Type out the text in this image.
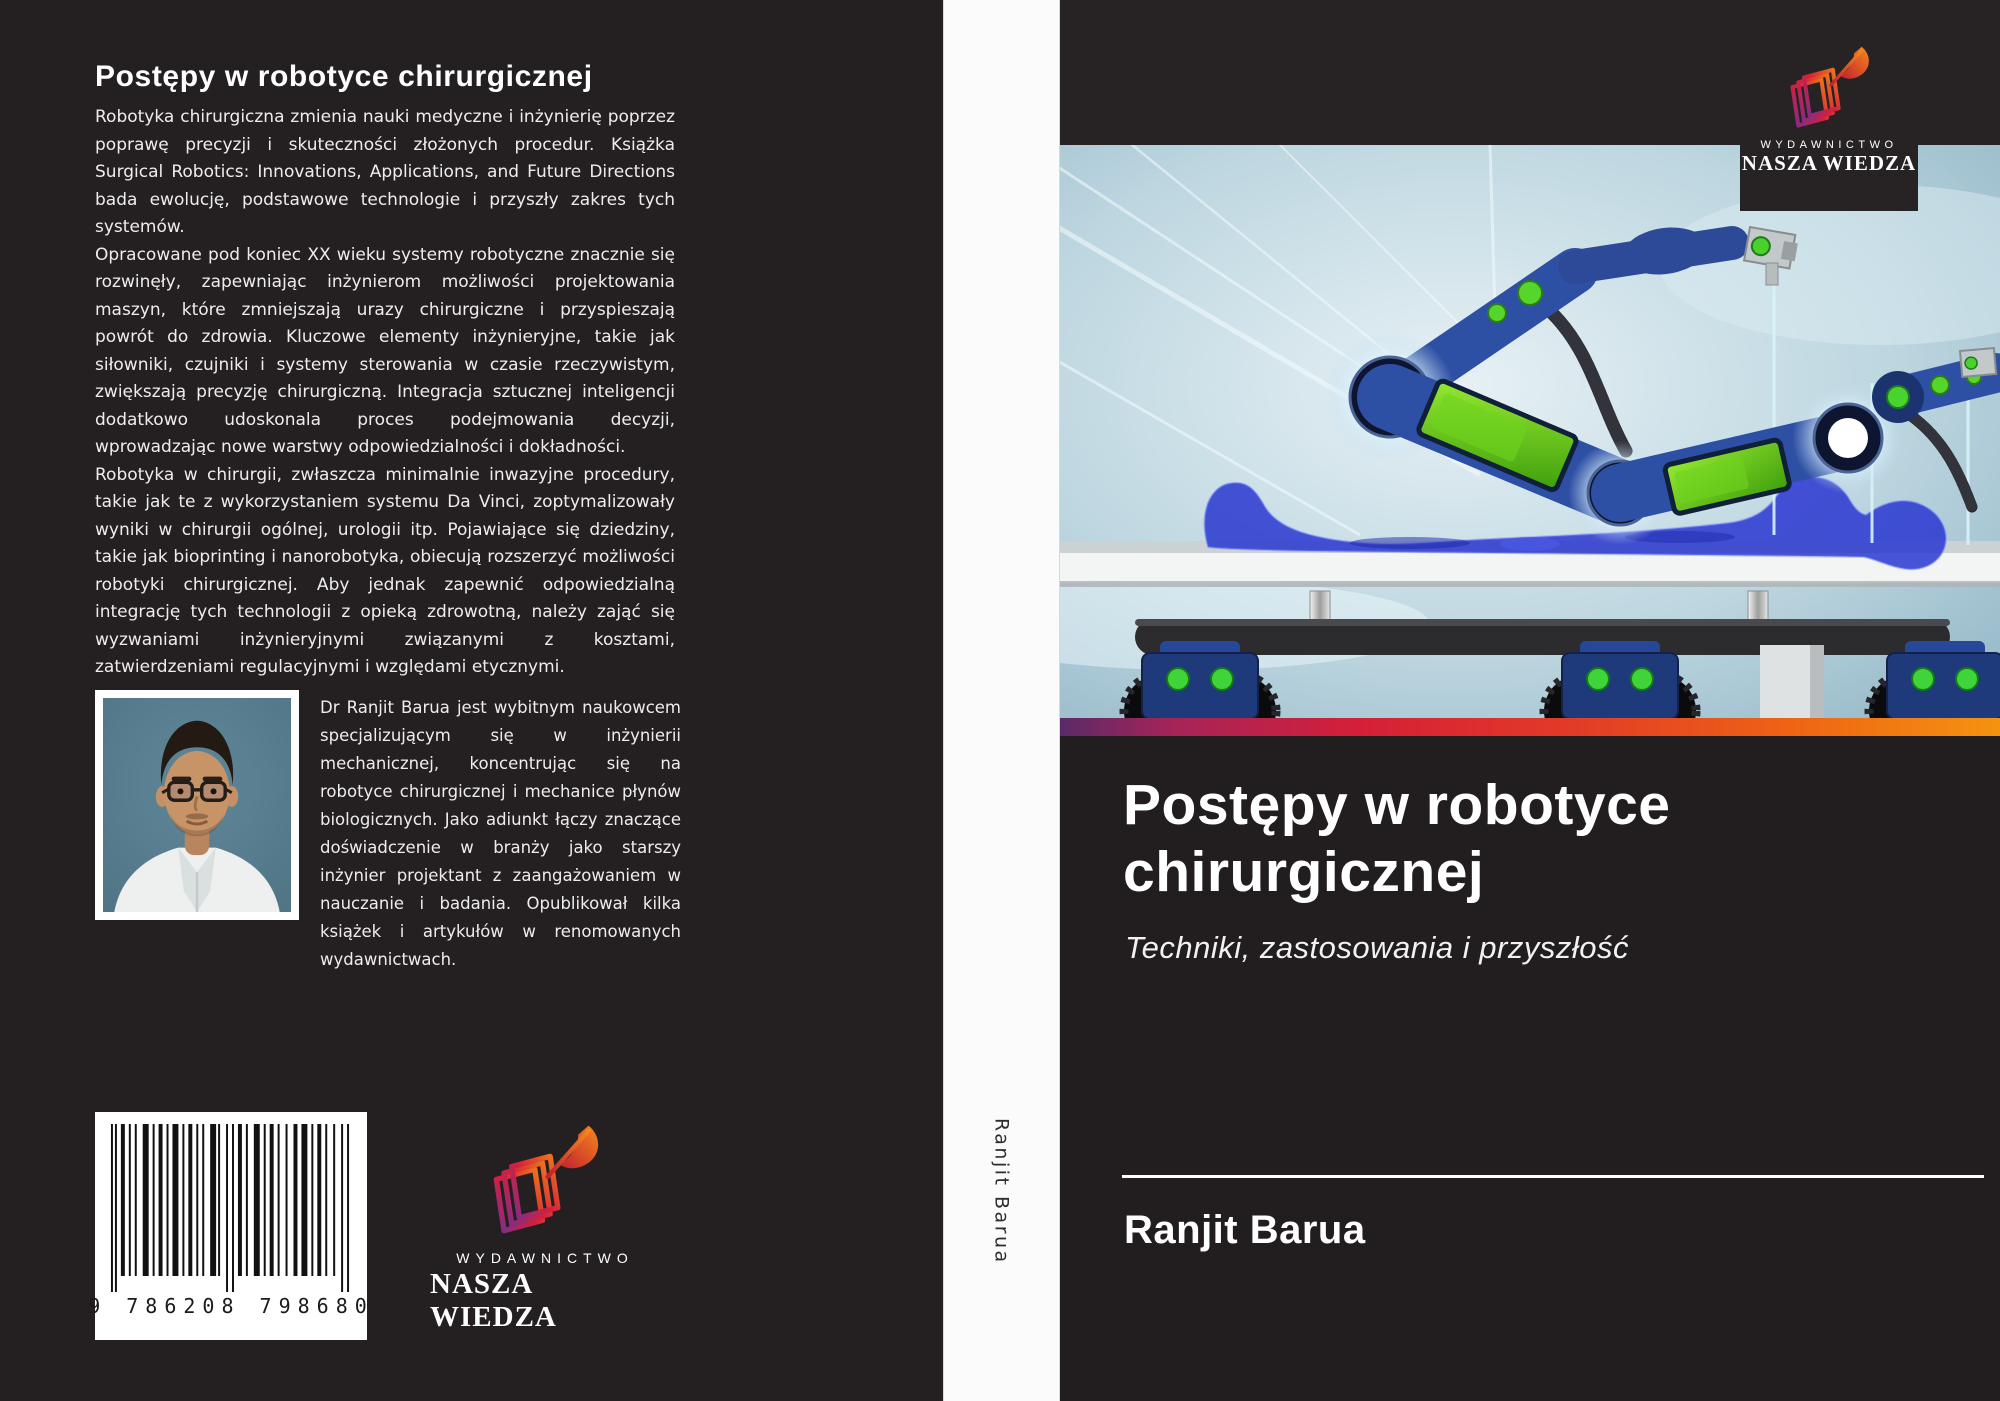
Postępy w robotyce chirurgicznej

Robotyka chirurgiczna zmienia nauki medyczne i inżynierię poprzez poprawę precyzji i skuteczności złożonych procedur. Książka Surgical Robotics: Innovations, Applications, and Future Directions bada ewolucję, podstawowe technologie i przyszły zakres tych systemów.

Opracowane pod koniec XX wieku systemy robotyczne znacznie się rozwinęły, zapewniając inżynierom możliwości projektowania maszyn, które zmniejszają urazy chirurgiczne i przyspieszają powrót do zdrowia. Kluczowe elementy inżynieryjne, takie jak siłowniki, czujniki i systemy sterowania w czasie rzeczywistym, zwiększają precyzję chirurgiczną. Integracja sztucznej inteligencji dodatkowo udoskonala proces podejmowania decyzji, wprowadzając nowe warstwy odpowiedzialności i dokładności.

Robotyka w chirurgii, zwłaszcza minimalnie inwazyjne procedury, takie jak te z wykorzystaniem systemu Da Vinci, zoptymalizowały wyniki w chirurgii ogólnej, urologii itp. Pojawiające się dziedziny, takie jak bioprinting i nanorobotyka, obiecują rozszerzyć możliwości robotyki chirurgicznej. Aby jednak zapewnić odpowiedzialną integrację tych technologii z opieką zdrowotną, należy zająć się wyzwaniami inżynieryjnymi związanymi z kosztami, zatwierdzeniami regulacyjnymi i względami etycznymi.

Dr Ranjit Barua jest wybitnym naukowcem specjalizującym się w inżynierii mechanicznej, koncentrując się na robotyce chirurgicznej i mechanice płynów biologicznych. Jako adiunkt łączy znaczące doświadczenie w branży jako starszy inżynier projektant z zaangażowaniem w nauczanie i badania. Opublikował kilka książek i artykułów w renomowanych wydawnictwach.

9 786208 798680
WYDAWNICTWO
NASZA WIEDZA
Ranjit Barua
WYDAWNICTWO
NASZA WIEDZA
Postępy w robotyce chirurgicznej

Techniki, zastosowania i przyszłość

Ranjit Barua
